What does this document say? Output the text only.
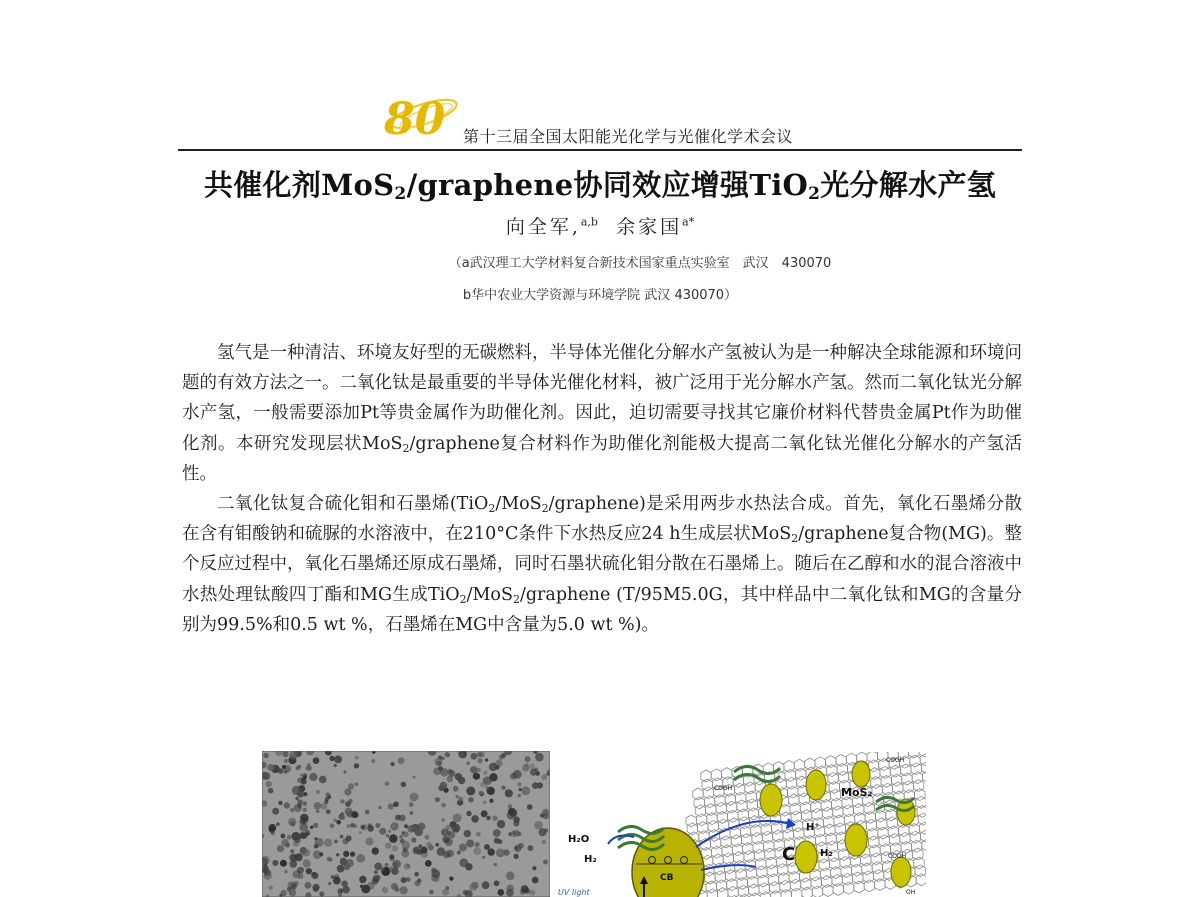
80 第十三届全国太阳能光化学与光催化学术会议
共催化剂MoS$_2$/graphene协同效应增强TiO$_2$光分解水产氢
向全军,$^{a,b}$ 余家国$^{a*}$
（a武汉理工大学材料复合新技术国家重点实验室　武汉　430070
b华中农业大学资源与环境学院 武汉 430070）

氢气是一种清洁、环境友好型的无碳燃料，半导体光催化分解水产氢被认为是一种解决全球能源和环境问题的有效方法之一。二氧化钛是最重要的半导体光催化材料，被广泛用于光分解水产氢。然而二氧化钛光分解水产氢，一般需要添加Pt等贵金属作为助催化剂。因此，迫切需要寻找其它廉价材料代替贵金属Pt作为助催化剂。本研究发现层状MoS$_2$/graphene复合材料作为助催化剂能极大提高二氧化钛光催化分解水的产氢活性。

二氧化钛复合硫化钼和石墨烯(TiO$_2$/MoS$_2$/graphene)是采用两步水热法合成。首先，氧化石墨烯分散在含有钼酸钠和硫脲的水溶液中，在210°C条件下水热反应24 h生成层状MoS$_2$/graphene复合物(MG)。整个反应过程中，氧化石墨烯还原成石墨烯，同时石墨状硫化钼分散在石墨烯上。随后在乙醇和水的混合溶液中水热处理钛酸四丁酯和MG生成TiO$_2$/MoS$_2$/graphene (T/95M5.0G，其中样品中二氧化钛和MG的含量分别为99.5%和0.5 wt %，石墨烯在MG中含量为5.0 wt %)。

CB
UV light
H₂O
H₂	C
H⁺
H₂
MoS₂
COOH
COOH
COOH
OH
